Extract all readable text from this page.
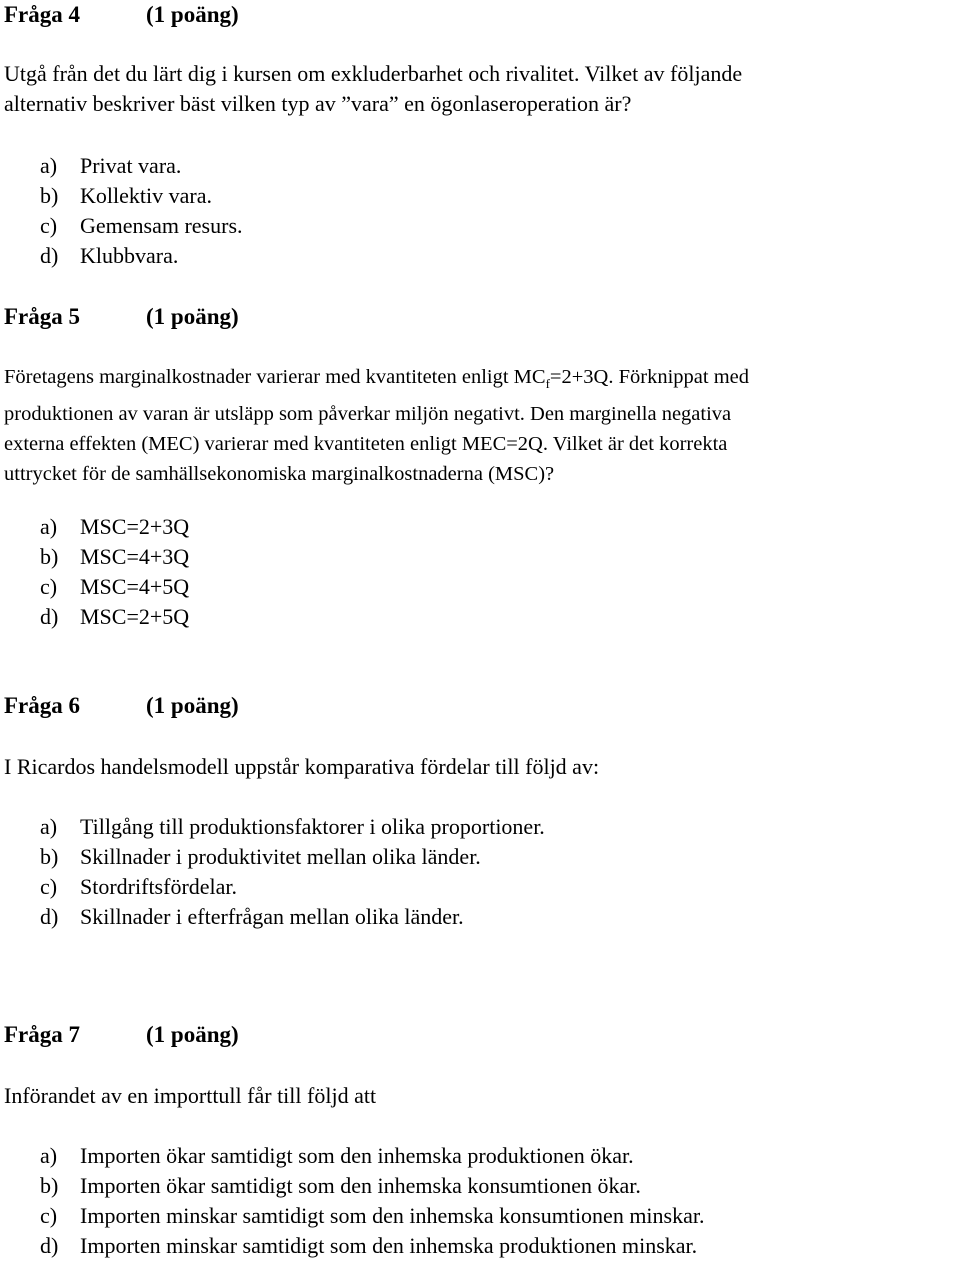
Fråga 4	(1 poäng)
Utgå från det du lärt dig i kursen om exkluderbarhet och rivalitet. Vilket av följande
alternativ beskriver bäst vilken typ av ”vara” en ögonlaseroperation är?
a) Privat vara.
b) Kollektiv vara.
c) Gemensam resurs.
d) Klubbvara.
Fråga 5	(1 poäng)
Företagens marginalkostnader varierar med kvantiteten enligt $MC_f=2+3Q$. Förknippat med
produktionen av varan är utsläpp som påverkar miljön negativt. Den marginella negativa
externa effekten (MEC) varierar med kvantiteten enligt MEC=2Q. Vilket är det korrekta
uttrycket för de samhällsekonomiska marginalkostnaderna (MSC)?
a) MSC=2+3Q
b) MSC=4+3Q
c) MSC=4+5Q
d) MSC=2+5Q
Fråga 6	(1 poäng)
I Ricardos handelsmodell uppstår komparativa fördelar till följd av:
a) Tillgång till produktionsfaktorer i olika proportioner.
b) Skillnader i produktivitet mellan olika länder.
c) Stordriftsfördelar.
d) Skillnader i efterfrågan mellan olika länder.
Fråga 7	(1 poäng)
Införandet av en importtull får till följd att
a) Importen ökar samtidigt som den inhemska produktionen ökar.
b) Importen ökar samtidigt som den inhemska konsumtionen ökar.
c) Importen minskar samtidigt som den inhemska konsumtionen minskar.
d) Importen minskar samtidigt som den inhemska produktionen minskar.
